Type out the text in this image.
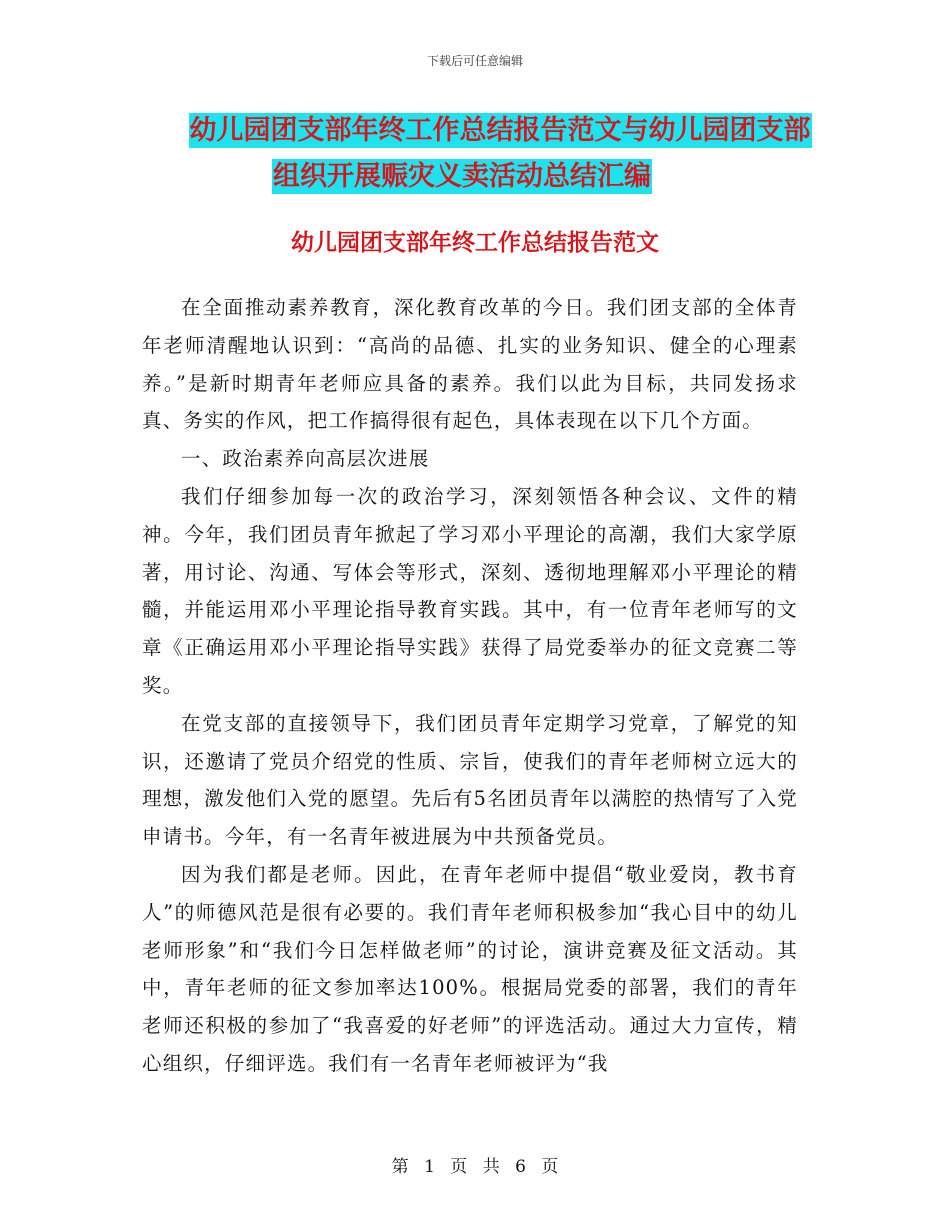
下载后可任意编辑
幼儿园团支部年终工作总结报告范文与幼儿园团支部
组织开展赈灾义卖活动总结汇编
幼儿园团支部年终工作总结报告范文

在全面推动素养教育，深化教育改革的今日。我们团支部的全体青年老师清醒地认识到：“高尚的品德、扎实的业务知识、健全的心理素养。”是新时期青年老师应具备的素养。我们以此为目标，共同发扬求真、务实的作风，把工作搞得很有起色，具体表现在以下几个方面。

一、政治素养向高层次进展

我们仔细参加每一次的政治学习，深刻领悟各种会议、文件的精神。今年，我们团员青年掀起了学习邓小平理论的高潮，我们大家学原著，用讨论、沟通、写体会等形式，深刻、透彻地理解邓小平理论的精髓，并能运用邓小平理论指导教育实践。其中，有一位青年老师写的文章《正确运用邓小平理论指导实践》获得了局党委举办的征文竞赛二等奖。

在党支部的直接领导下，我们团员青年定期学习党章，了解党的知识，还邀请了党员介绍党的性质、宗旨，使我们的青年老师树立远大的理想，激发他们入党的愿望。先后有5名团员青年以满腔的热情写了入党申请书。今年，有一名青年被进展为中共预备党员。

因为我们都是老师。因此，在青年老师中提倡“敬业爱岗，教书育人”的师德风范是很有必要的。我们青年老师积极参加“我心目中的幼儿老师形象”和“我们今日怎样做老师”的讨论，演讲竞赛及征文活动。其中，青年老师的征文参加率达100%。根据局党委的部署，我们的青年老师还积极的参加了“我喜爱的好老师”的评选活动。通过大力宣传，精心组织，仔细评选。我们有一名青年老师被评为“我

第 1 页 共 6 页
